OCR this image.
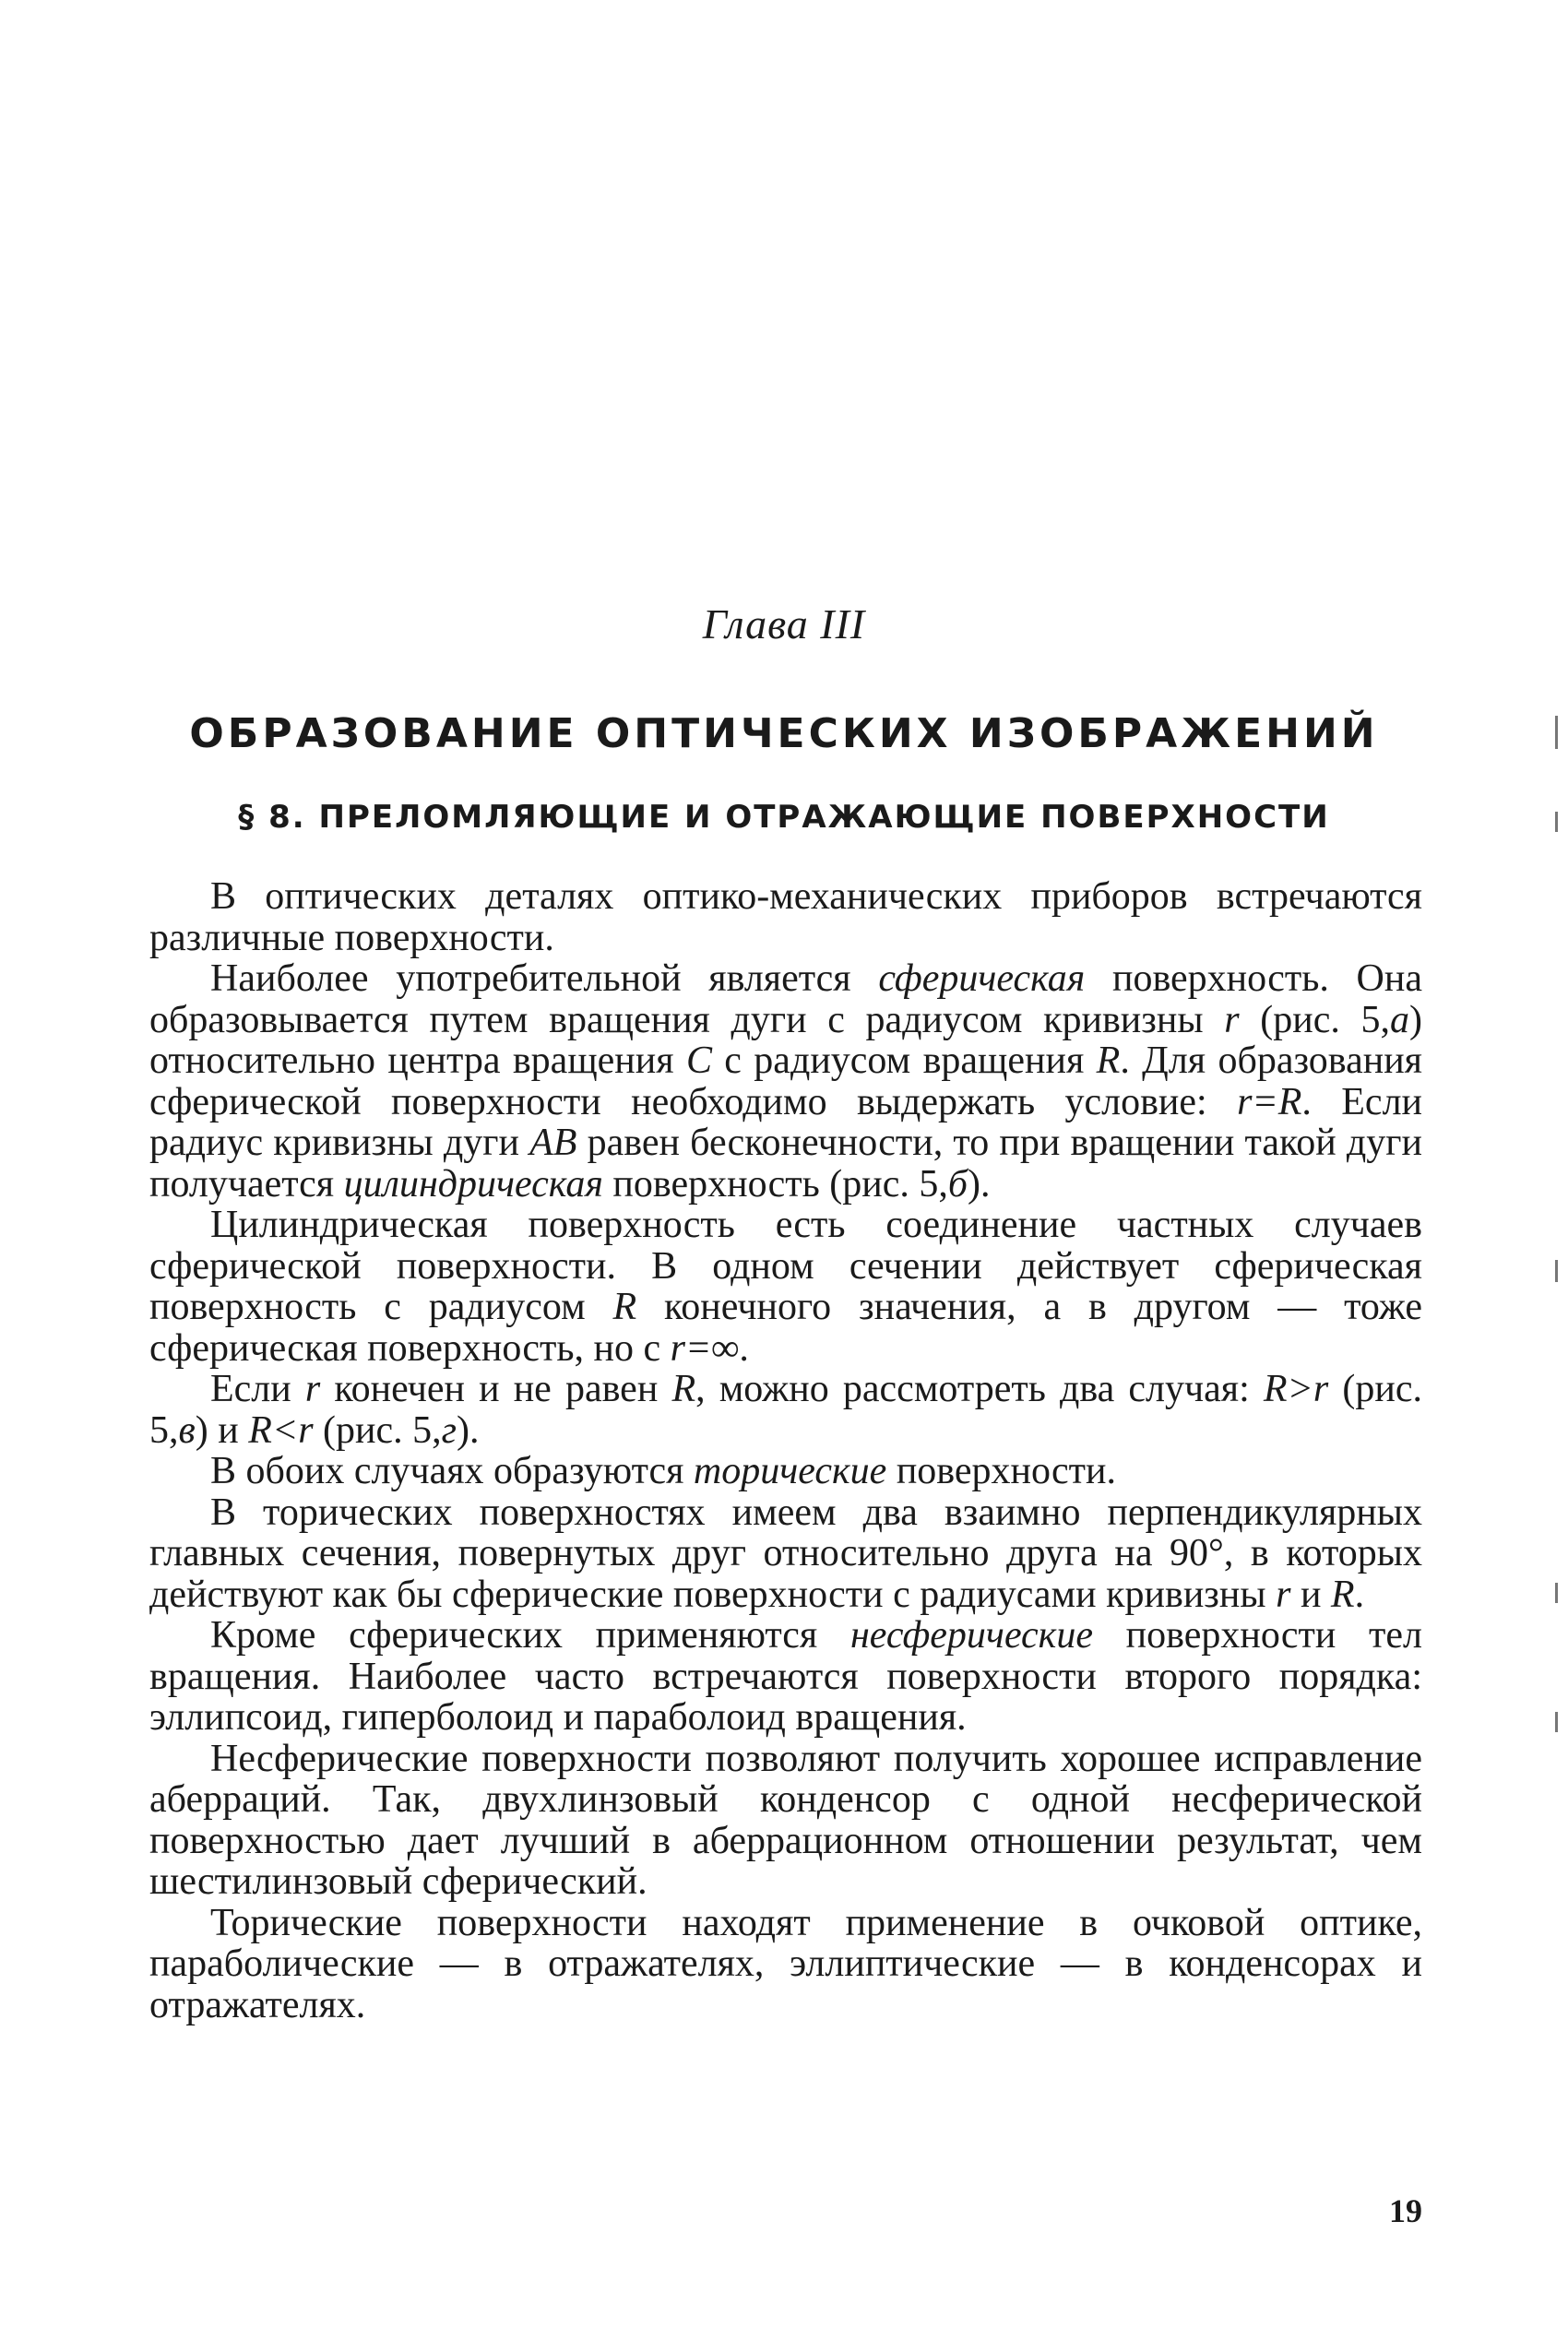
Глава III
ОБРАЗОВАНИЕ ОПТИЧЕСКИХ ИЗОБРАЖЕНИЙ
§ 8. ПРЕЛОМЛЯЮЩИЕ И ОТРАЖАЮЩИЕ ПОВЕРХНОСТИ

В оптических деталях оптико-механических приборов встречаются различные поверхности.

Наиболее употребительной является сферическая поверхность. Она образовывается путем вращения дуги с радиусом кривизны r (рис. 5,а) относительно центра вращения С с радиусом вращения R. Для образования сферической поверхности необходимо выдержать условие: r=R. Если радиус кривизны дуги AB равен бесконечности, то при вращении такой дуги получается цилиндрическая поверхность (рис. 5,б).

Цилиндрическая поверхность есть соединение частных случаев сферической поверхности. В одном сечении действует сферическая поверхность с радиусом R конечного значения, а в другом — тоже сферическая поверхность, но с r=∞.

Если r конечен и не равен R, можно рассмотреть два случая: R>r (рис. 5,в) и R<r (рис. 5,г).

В обоих случаях образуются торические поверхности.

В торических поверхностях имеем два взаимно перпендикулярных главных сечения, повернутых друг относительно друга на 90°, в которых действуют как бы сферические поверхности с радиусами кривизны r и R.

Кроме сферических применяются несферические поверхности тел вращения. Наиболее часто встречаются поверхности второго порядка: эллипсоид, гиперболоид и параболоид вращения.

Несферические поверхности позволяют получить хорошее исправление аберраций. Так, двухлинзовый конденсор с одной несферической поверхностью дает лучший в аберрационном отношении результат, чем шестилинзовый сферический.

Торические поверхности находят применение в очковой оптике, параболические — в отражателях, эллиптические — в конденсорах и отражателях.

19
